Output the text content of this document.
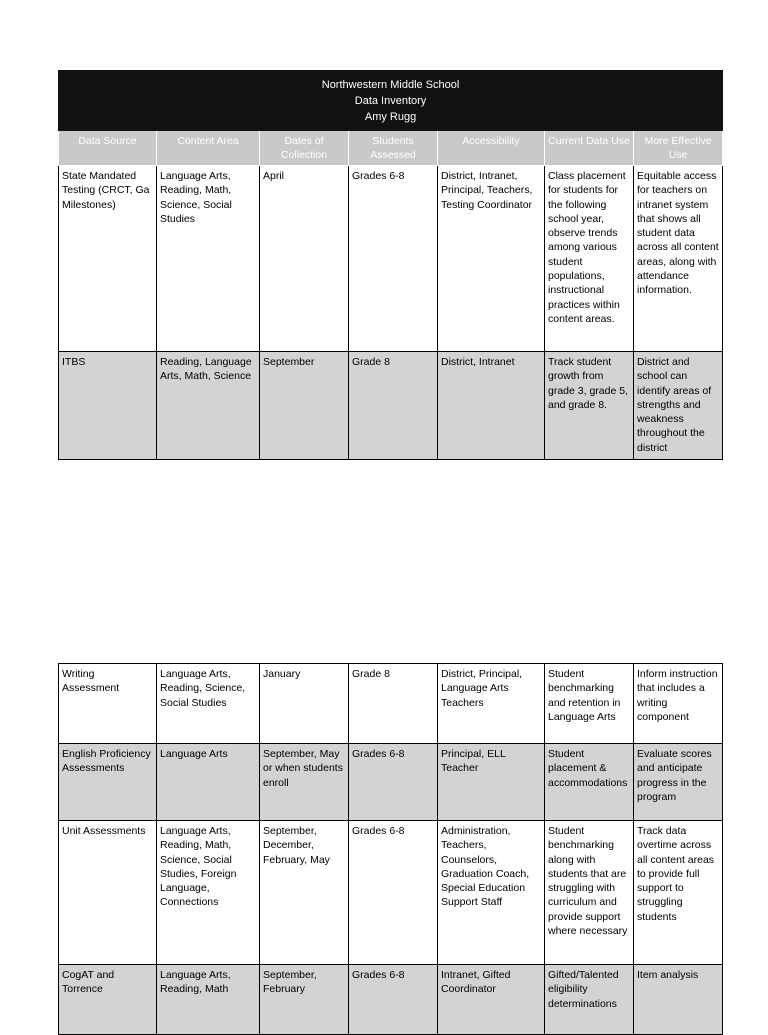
Northwestern Middle School
Data Inventory
Amy Rugg						

Data Source	Content Area	Dates of Collection	Students Assessed	Accessibility	Current Data Use	More Effective Use
State Mandated Testing (CRCT, Ga Milestones)	Language Arts, Reading, Math, Science, Social Studies	April	Grades 6-8	District, Intranet, Principal, Teachers, Testing Coordinator	Class placement for students for the following school year, observe trends among various student populations, instructional practices within content areas.	Equitable access for teachers on intranet system that shows all student data across all content areas, along with attendance information.
ITBS	Reading, Language Arts, Math, Science	September	Grade 8	District, Intranet	Track student growth from grade 3, grade 5, and grade 8.	District and school can identify areas of strengths and weakness throughout the district
Writing Assessment	Language Arts, Reading, Science, Social Studies	January	Grade 8	District, Principal, Language Arts Teachers	Student benchmarking and retention in Language Arts	Inform instruction that includes a writing component
English Proficiency Assessments	Language Arts	September, May or when students enroll	Grades 6-8	Principal, ELL Teacher	Student placement & accommodations	Evaluate scores and anticipate progress in the program
Unit Assessments	Language Arts, Reading, Math, Science, Social Studies, Foreign Language, Connections	September, December, February, May	Grades 6-8	Administration, Teachers, Counselors, Graduation Coach, Special Education Support Staff	Student benchmarking along with students that are struggling with curriculum and provide support where necessary	Track data overtime across all content areas to provide full support to struggling students
CogAT and Torrence	Language Arts, Reading, Math	September, February	Grades 6-8	Intranet, Gifted Coordinator	Gifted/Talented eligibility determinations	Item analysis
